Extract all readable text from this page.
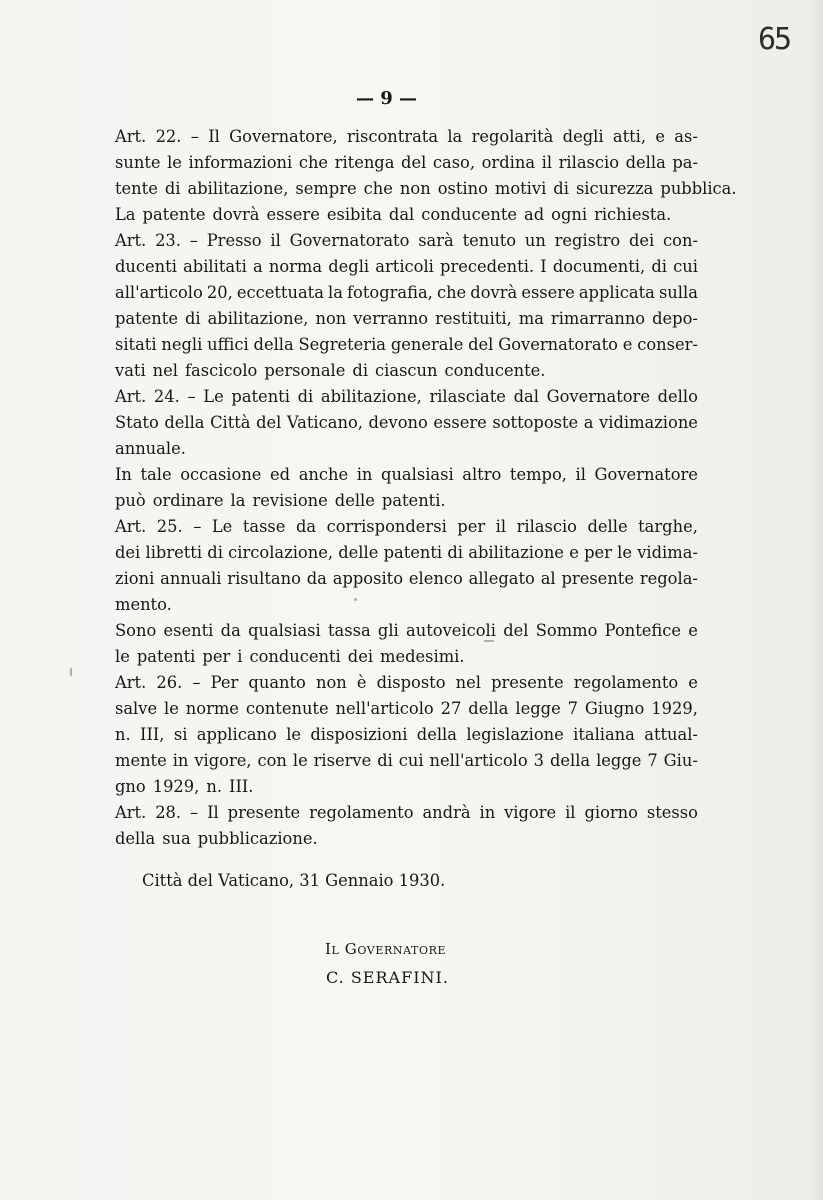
65
— 9 —
Art. 22. – Il Governatore, riscontrata la regolarità degli atti, e as-
sunte le informazioni che ritenga del caso, ordina il rilascio della pa-
tente di abilitazione, sempre che non ostino motivi di sicurezza pubblica.
La patente dovrà essere esibita dal conducente ad ogni richiesta.
Art. 23. – Presso il Governatorato sarà tenuto un registro dei con-
ducenti abilitati a norma degli articoli precedenti. I documenti, di cui
all'articolo 20, eccettuata la fotografia, che dovrà essere applicata sulla
patente di abilitazione, non verranno restituiti, ma rimarranno depo-
sitati negli uffici della Segreteria generale del Governatorato e conser-
vati nel fascicolo personale di ciascun conducente.
Art. 24. – Le patenti di abilitazione, rilasciate dal Governatore dello
Stato della Città del Vaticano, devono essere sottoposte a vidimazione
annuale.
In tale occasione ed anche in qualsiasi altro tempo, il Governatore
può ordinare la revisione delle patenti.
Art. 25. – Le tasse da corrispondersi per il rilascio delle targhe,
dei libretti di circolazione, delle patenti di abilitazione e per le vidima-
zioni annuali risultano da apposito elenco allegato al presente regola-
mento.
Sono esenti da qualsiasi tassa gli autoveicoli del Sommo Pontefice e
le patenti per i conducenti dei medesimi.
Art. 26. – Per quanto non è disposto nel presente regolamento e
salve le norme contenute nell'articolo 27 della legge 7 Giugno 1929,
n. III, si applicano le disposizioni della legislazione italiana attual-
mente in vigore, con le riserve di cui nell'articolo 3 della legge 7 Giu-
gno 1929, n. III.
Art. 28. – Il presente regolamento andrà in vigore il giorno stesso
della sua pubblicazione.
Città del Vaticano, 31 Gennaio 1930.
Il Governatore
C. SERAFINI.
